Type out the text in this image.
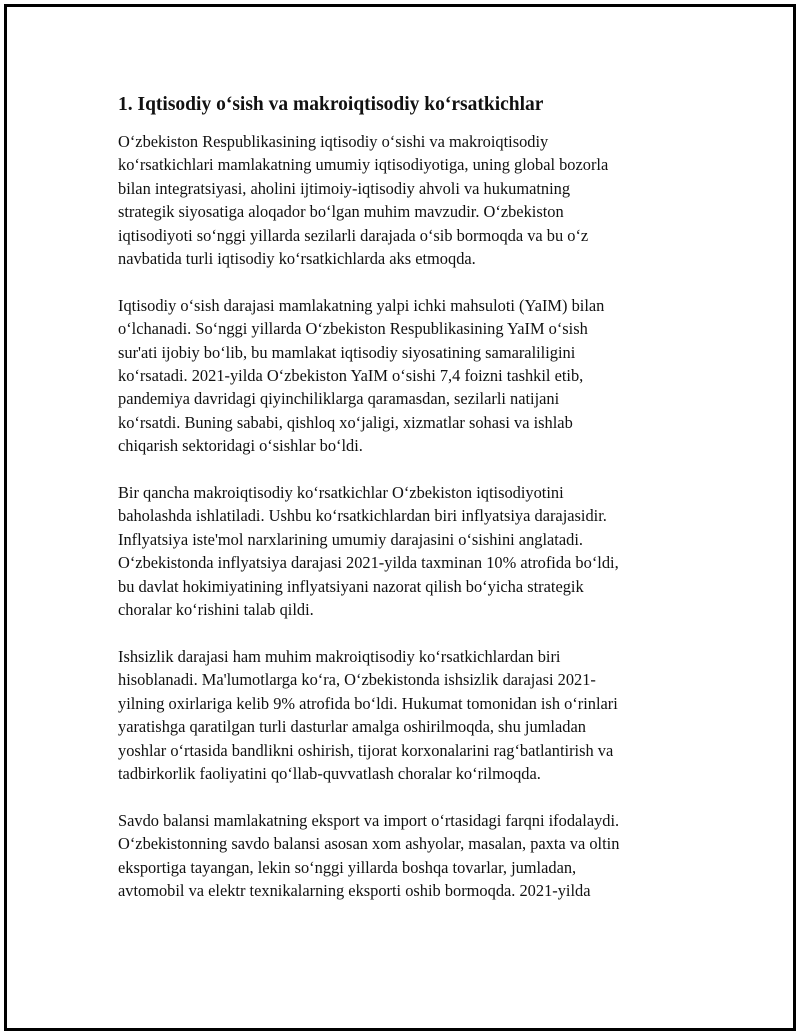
1. Iqtisodiy o‘sish va makroiqtisodiy ko‘rsatkichlar

O‘zbekiston Respublikasining iqtisodiy o‘sishi va makroiqtisodiy
ko‘rsatkichlari mamlakatning umumiy iqtisodiyotiga, uning global bozorla
bilan integratsiyasi, aholini ijtimoiy-iqtisodiy ahvoli va hukumatning
strategik siyosatiga aloqador bo‘lgan muhim mavzudir. O‘zbekiston
iqtisodiyoti so‘nggi yillarda sezilarli darajada o‘sib bormoqda va bu o‘z
navbatida turli iqtisodiy ko‘rsatkichlarda aks etmoqda.

Iqtisodiy o‘sish darajasi mamlakatning yalpi ichki mahsuloti (YaIM) bilan
o‘lchanadi. So‘nggi yillarda O‘zbekiston Respublikasining YaIM o‘sish
sur'ati ijobiy bo‘lib, bu mamlakat iqtisodiy siyosatining samaraliligini
ko‘rsatadi. 2021-yilda O‘zbekiston YaIM o‘sishi 7,4 foizni tashkil etib,
pandemiya davridagi qiyinchiliklarga qaramasdan, sezilarli natijani
ko‘rsatdi. Buning sababi, qishloq xo‘jaligi, xizmatlar sohasi va ishlab
chiqarish sektoridagi o‘sishlar bo‘ldi.

Bir qancha makroiqtisodiy ko‘rsatkichlar O‘zbekiston iqtisodiyotini
baholashda ishlatiladi. Ushbu ko‘rsatkichlardan biri inflyatsiya darajasidir.
Inflyatsiya iste'mol narxlarining umumiy darajasini o‘sishini anglatadi.
O‘zbekistonda inflyatsiya darajasi 2021-yilda taxminan 10% atrofida bo‘ldi,
bu davlat hokimiyatining inflyatsiyani nazorat qilish bo‘yicha strategik
choralar ko‘rishini talab qildi.

Ishsizlik darajasi ham muhim makroiqtisodiy ko‘rsatkichlardan biri
hisoblanadi. Ma'lumotlarga ko‘ra, O‘zbekistonda ishsizlik darajasi 2021-
yilning oxirlariga kelib 9% atrofida bo‘ldi. Hukumat tomonidan ish o‘rinlari
yaratishga qaratilgan turli dasturlar amalga oshirilmoqda, shu jumladan
yoshlar o‘rtasida bandlikni oshirish, tijorat korxonalarini rag‘batlantirish va
tadbirkorlik faoliyatini qo‘llab-quvvatlash choralar ko‘rilmoqda.

Savdo balansi mamlakatning eksport va import o‘rtasidagi farqni ifodalaydi.
O‘zbekistonning savdo balansi asosan xom ashyolar, masalan, paxta va oltin
eksportiga tayangan, lekin so‘nggi yillarda boshqa tovarlar, jumladan,
avtomobil va elektr texnikalarning eksporti oshib bormoqda. 2021-yilda
